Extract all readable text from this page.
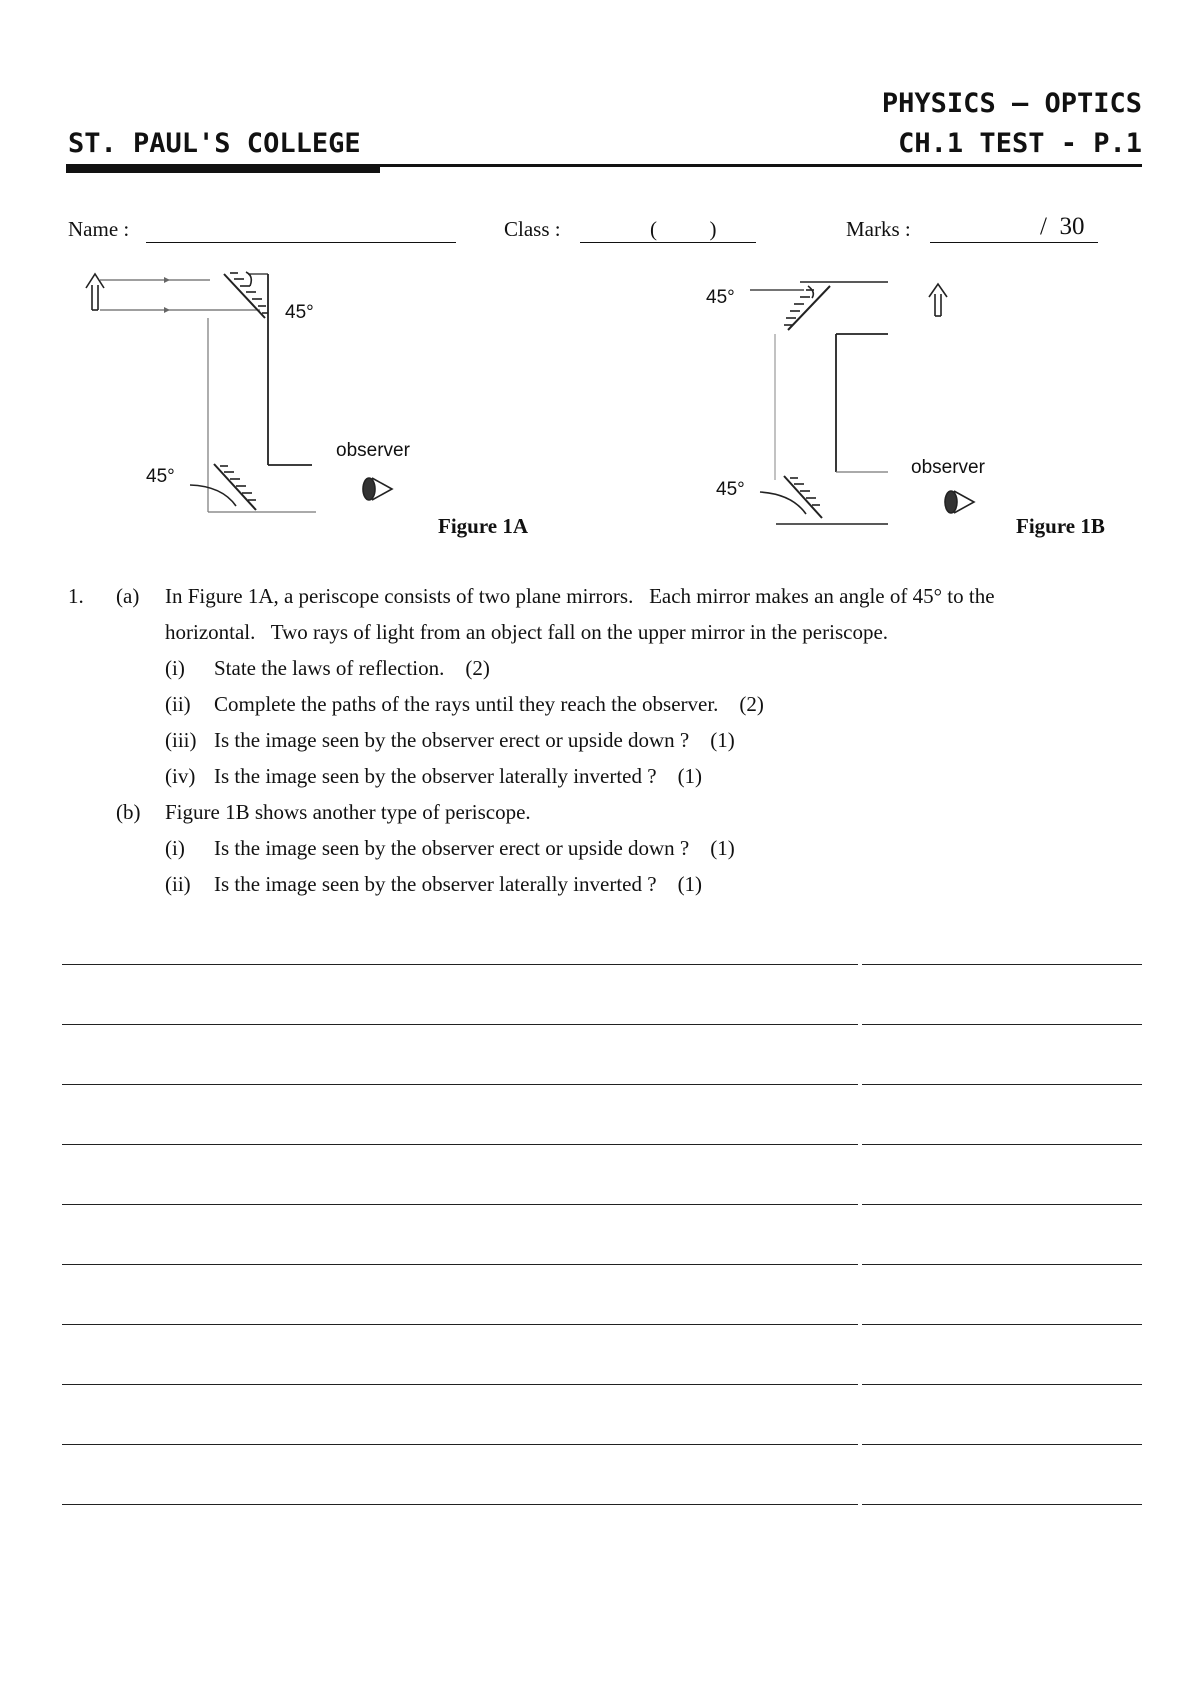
PHYSICS – OPTICS
CH.1 TEST - P.1
ST. PAUL'S COLLEGE
Name :	Class :	(          )	Marks :	/  30
45°
45°
observer
45°
45°
observer
Figure 1A	Figure 1B
1. (a) In Figure 1A, a periscope consists of two plane mirrors.   Each mirror makes an angle of 45° to the
horizontal.   Two rays of light from an object fall on the upper mirror in the periscope.
(i) State the laws of reflection.    (2)
(ii) Complete the paths of the rays until they reach the observer.    (2)
(iii) Is the image seen by the observer erect or upside down ?    (1)
(iv) Is the image seen by the observer laterally inverted ?    (1)
(b) Figure 1B shows another type of periscope.
(i) Is the image seen by the observer erect or upside down ?    (1)
(ii) Is the image seen by the observer laterally inverted ?    (1)
